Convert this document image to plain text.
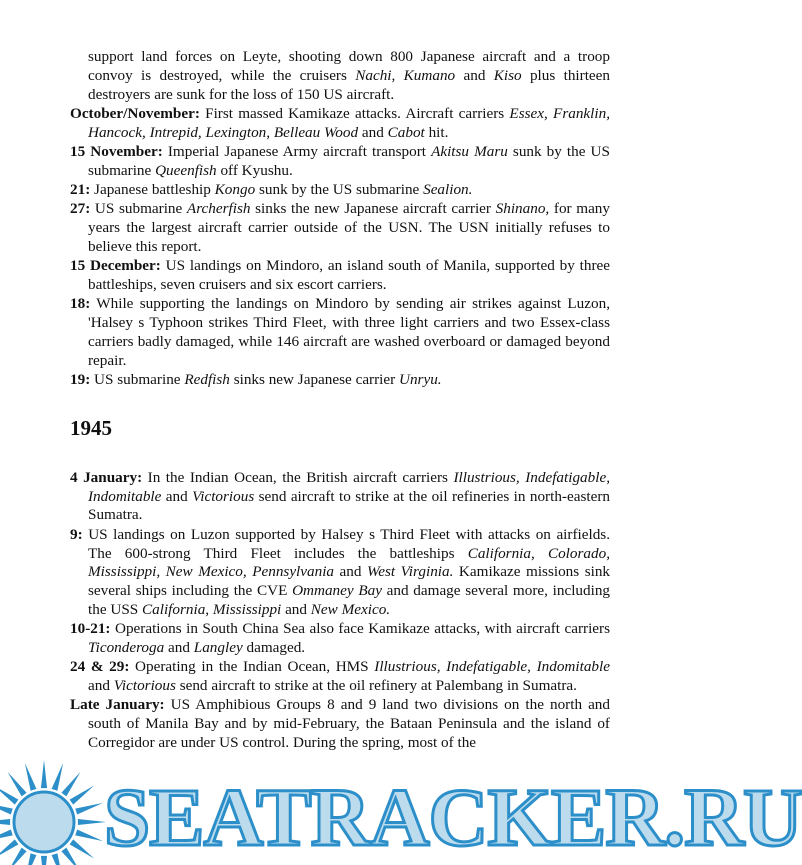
support land forces on Leyte, shooting down 800 Japanese aircraft and a troop convoy is destroyed, while the cruisers Nachi, Kumano and Kiso plus thirteen destroyers are sunk for the loss of 150 US aircraft.

October/November: First massed Kamikaze attacks. Aircraft carriers Essex, Franklin, Hancock, Intrepid, Lexington, Belleau Wood and Cabot hit.

15 November: Imperial Japanese Army aircraft transport Akitsu Maru sunk by the US submarine Queenfish off Kyushu.

21: Japanese battleship Kongo sunk by the US submarine Sealion.

27: US submarine Archerfish sinks the new Japanese aircraft carrier Shinano, for many years the largest aircraft carrier outside of the USN. The USN initially refuses to believe this report.

15 December: US landings on Mindoro, an island south of Manila, supported by three battleships, seven cruisers and six escort carriers.

18: While supporting the landings on Mindoro by sending air strikes against Luzon, 'Halsey s Typhoon strikes Third Fleet, with three light carriers and two Essex-class carriers badly damaged, while 146 aircraft are washed overboard or damaged beyond repair.

19: US submarine Redfish sinks new Japanese carrier Unryu.

1945

4 January: In the Indian Ocean, the British aircraft carriers Illustrious, Indefatigable, Indomitable and Victorious send aircraft to strike at the oil refineries in north-eastern Sumatra.

9: US landings on Luzon supported by Halsey s Third Fleet with attacks on airfields. The 600-strong Third Fleet includes the battleships California, Colorado, Mississippi, New Mexico, Pennsylvania and West Virginia. Kamikaze missions sink several ships including the CVE Ommaney Bay and damage several more, including the USS California, Mississippi and New Mexico.

10-21: Operations in South China Sea also face Kamikaze attacks, with aircraft carriers Ticonderoga and Langley damaged.

24 & 29: Operating in the Indian Ocean, HMS Illustrious, Indefatigable, Indomitable and Victorious send aircraft to strike at the oil refinery at Palembang in Sumatra.

Late January: US Amphibious Groups 8 and 9 land two divisions on the north and south of Manila Bay and by mid-February, the Bataan Peninsula and the island of Corregidor are under US control. During the spring, most of the

SEATRACKER.RU
